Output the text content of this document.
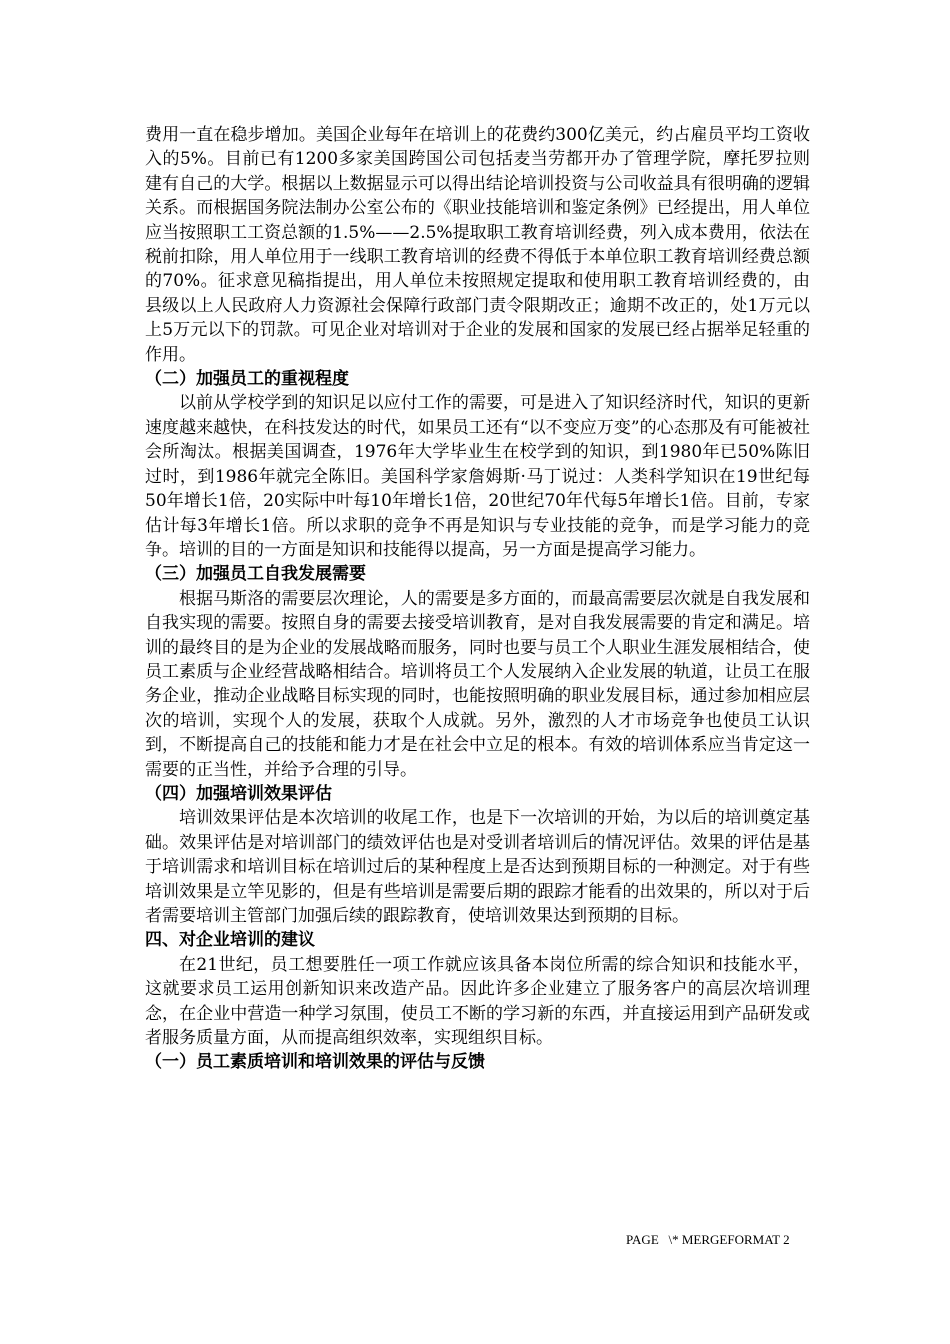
费用一直在稳步增加。美国企业每年在培训上的花费约300亿美元，约占雇员平均工资收入的5%。目前已有1200多家美国跨国公司包括麦当劳都开办了管理学院，摩托罗拉则建有自己的大学。根据以上数据显示可以得出结论培训投资与公司收益具有很明确的逻辑关系。而根据国务院法制办公室公布的《职业技能培训和鉴定条例》已经提出，用人单位应当按照职工工资总额的1.5%——2.5%提取职工教育培训经费，列入成本费用，依法在税前扣除，用人单位用于一线职工教育培训的经费不得低于本单位职工教育培训经费总额的70%。征求意见稿指提出，用人单位未按照规定提取和使用职工教育培训经费的，由县级以上人民政府人力资源社会保障行政部门责令限期改正；逾期不改正的，处1万元以上5万元以下的罚款。可见企业对培训对于企业的发展和国家的发展已经占据举足轻重的作用。

（二）加强员工的重视程度

以前从学校学到的知识足以应付工作的需要，可是进入了知识经济时代，知识的更新速度越来越快，在科技发达的时代，如果员工还有“以不变应万变”的心态那及有可能被社会所淘汰。根据美国调查，1976年大学毕业生在校学到的知识，到1980年已50%陈旧过时，到1986年就完全陈旧。美国科学家詹姆斯·马丁说过：人类科学知识在19世纪每50年增长1倍，20实际中叶每10年增长1倍，20世纪70年代每5年增长1倍。目前，专家估计每3年增长1倍。所以求职的竞争不再是知识与专业技能的竞争，而是学习能力的竞争。培训的目的一方面是知识和技能得以提高，另一方面是提高学习能力。

（三）加强员工自我发展需要

根据马斯洛的需要层次理论，人的需要是多方面的，而最高需要层次就是自我发展和自我实现的需要。按照自身的需要去接受培训教育，是对自我发展需要的肯定和满足。培训的最终目的是为企业的发展战略而服务，同时也要与员工个人职业生涯发展相结合，使员工素质与企业经营战略相结合。培训将员工个人发展纳入企业发展的轨道，让员工在服务企业，推动企业战略目标实现的同时，也能按照明确的职业发展目标，通过参加相应层次的培训，实现个人的发展，获取个人成就。另外，激烈的人才市场竞争也使员工认识到，不断提高自己的技能和能力才是在社会中立足的根本。有效的培训体系应当肯定这一需要的正当性，并给予合理的引导。

（四）加强培训效果评估

培训效果评估是本次培训的收尾工作，也是下一次培训的开始，为以后的培训奠定基础。效果评估是对培训部门的绩效评估也是对受训者培训后的情况评估。效果的评估是基于培训需求和培训目标在培训过后的某种程度上是否达到预期目标的一种测定。对于有些培训效果是立竿见影的，但是有些培训是需要后期的跟踪才能看的出效果的，所以对于后者需要培训主管部门加强后续的跟踪教育，使培训效果达到预期的目标。

四、对企业培训的建议

在21世纪，员工想要胜任一项工作就应该具备本岗位所需的综合知识和技能水平，这就要求员工运用创新知识来改造产品。因此许多企业建立了服务客户的高层次培训理念，在企业中营造一种学习氛围，使员工不断的学习新的东西，并直接运用到产品研发或者服务质量方面，从而提高组织效率，实现组织目标。

（一）员工素质培训和培训效果的评估与反馈

PAGE   \* MERGEFORMAT 2
